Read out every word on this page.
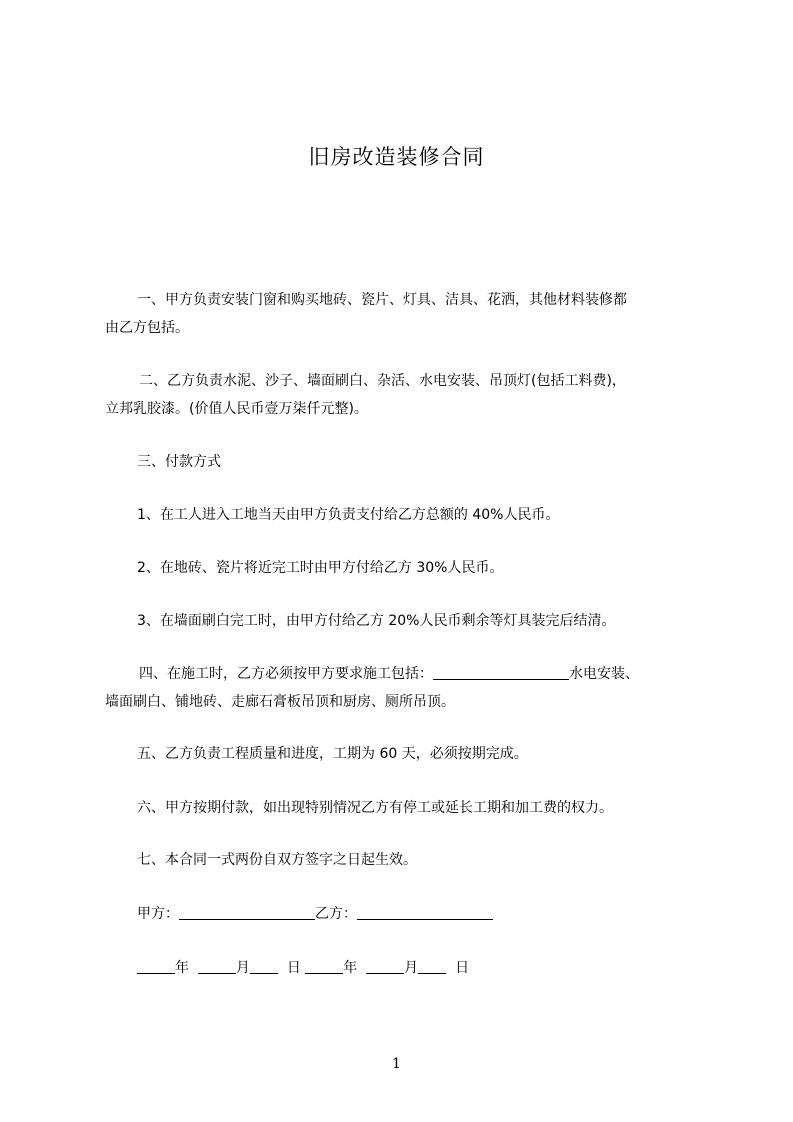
旧房改造装修合同
一、甲方负责安装门窗和购买地砖、瓷片、灯具、洁具、花洒，其他材料装修都
由乙方包括。
二、乙方负责水泥、沙子、墙面刷白、杂活、水电安装、吊顶灯(包括工料费)，
立邦乳胶漆。(价值人民币壹万柒仟元整)。
三、付款方式
1、在工人进入工地当天由甲方负责支付给乙方总额的 40%人民币。
2、在地砖、瓷片将近完工时由甲方付给乙方 30%人民币。
3、在墙面刷白完工时，由甲方付给乙方 20%人民币剩余等灯具装完后结清。
四、在施工时，乙方必须按甲方要求施工包括：	水电安装、
墙面刷白、铺地砖、走廊石膏板吊顶和厨房、厕所吊顶。
五、乙方负责工程质量和进度，工期为 60 天，必须按期完成。
六、甲方按期付款，如出现特别情况乙方有停工或延长工期和加工费的权力。
七、本合同一式两份自双方签字之日起生效。
甲方：	乙方：
年	月	日	年	月	日
1
